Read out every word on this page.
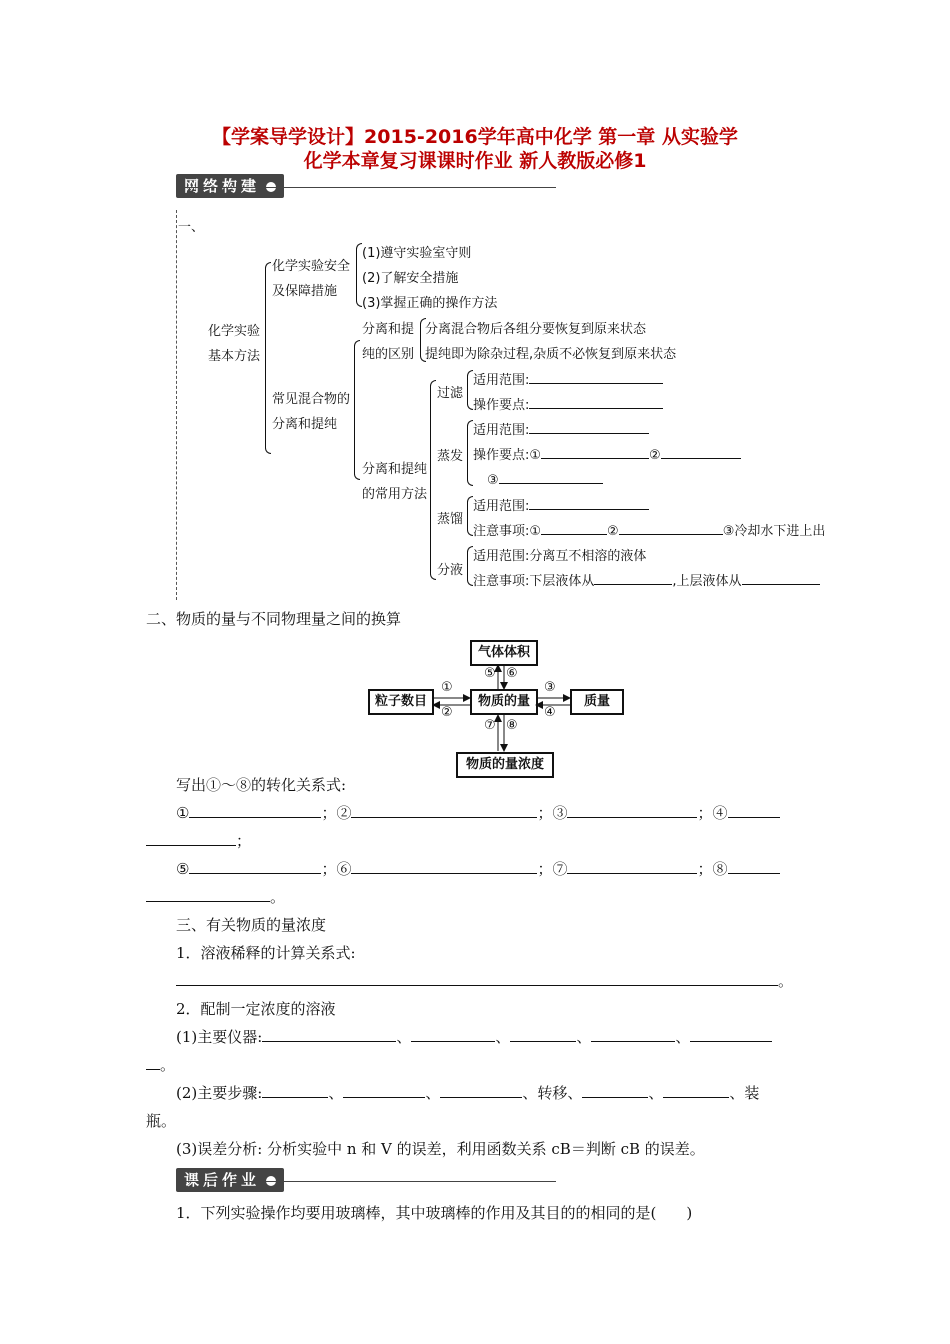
【学案导学设计】2015-2016学年高中化学 第一章 从实验学
化学本章复习课课时作业 新人教版必修1
网络构建
一、
化学实验
基本方法
化学实验安全
及保障措施
(1)遵守实验室守则
(2)了解安全措施
(3)掌握正确的操作方法
常见混合物的
分离和提纯
分离和提
纯的区别
分离混合物后各组分要恢复到原来状态
提纯即为除杂过程,杂质不必恢复到原来状态
分离和提纯
的常用方法
过滤
适用范围:
操作要点:
蒸发
适用范围:
操作要点:①	②
③
蒸馏
适用范围:
注意事项:①	②	③冷却水下进上出
分液
适用范围:分离互不相溶的液体
注意事项:下层液体从	,上层液体从
二、物质的量与不同物理量之间的换算
气体体积
粒子数目	物质的量	质量
物质的量浓度
①
②
③
④
⑤ ⑥
⑦ ⑧
写出①～⑧的转化关系式:
①	；②	；③	；④
；
⑤	；⑥	；⑦	；⑧
。
三、有关物质的量浓度
1．溶液稀释的计算关系式:
。
2．配制一定浓度的溶液
(1)主要仪器:	、	、	、	、
。
(2)主要步骤:	、	、	、转移、	、	、装
瓶。
(3)误差分析: 分析实验中 n 和 V 的误差，利用函数关系 cB＝判断 cB 的误差。
课后作业
1．下列实验操作均要用玻璃棒，其中玻璃棒的作用及其目的的相同的是(　　)
